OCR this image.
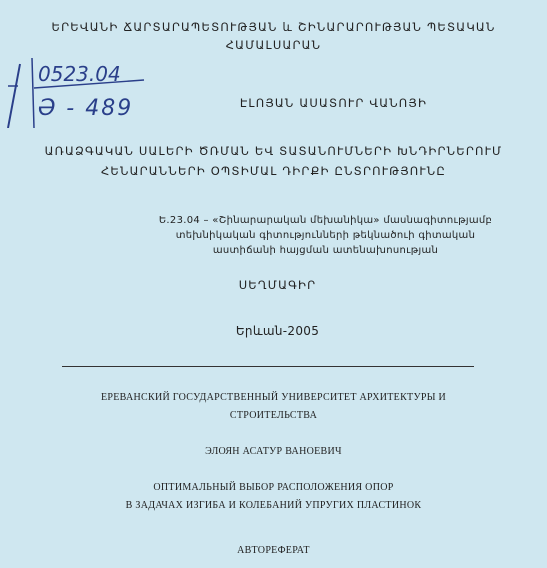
ԵՐԵՎԱՆԻ ՃԱՐՏԱՐԱՊԵՏՈՒԹՅԱՆ և ՇԻՆԱՐԱՐՈՒԹՅԱՆ ՊԵՏԱԿԱՆ
ՀԱՄԱԼՍԱՐԱՆ
0523.04
Ә - 489	ԷԼՈՅԱՆ ԱՍԱՏՈՒՐ ՎԱՆՈՅԻ
ԱՌԱՁԳԱԿԱՆ ՍԱԼԵՐԻ ԾՌՄԱՆ ԵՎ ՏԱՏԱՆՈՒՄՆԵՐԻ ԽՆԴԻՐՆԵՐՈՒՄ
ՀԵՆԱՐԱՆՆԵՐԻ ՕՊՏԻՄԱԼ ԴԻՐՔԻ ԸՆՏՐՈՒԹՅՈՒՆԸ
Ե.23.04 – «Շինարարական մեխանիկա» մասնագիտությամբ
տեխնիկական գիտությունների թեկնածուի գիտական
աստիճանի հայցման ատենախոսության
ՍԵՂՄԱԳԻՐ
Երևան-2005
ЕРЕВАНСКИЙ ГОСУДАРСТВЕННЫЙ УНИВЕРСИТЕТ АРХИТЕКТУРЫ И
СТРОИТЕЛЬСТВА
ЭЛОЯН АСАТУР ВАНОЕВИЧ
ОПТИМАЛЬНЫЙ ВЫБОР РАСПОЛОЖЕНИЯ ОПОР
В ЗАДАЧАХ ИЗГИБА И КОЛЕБАНИЙ УПРУГИХ ПЛАСТИНОК
АВТОРЕФЕРАТ
